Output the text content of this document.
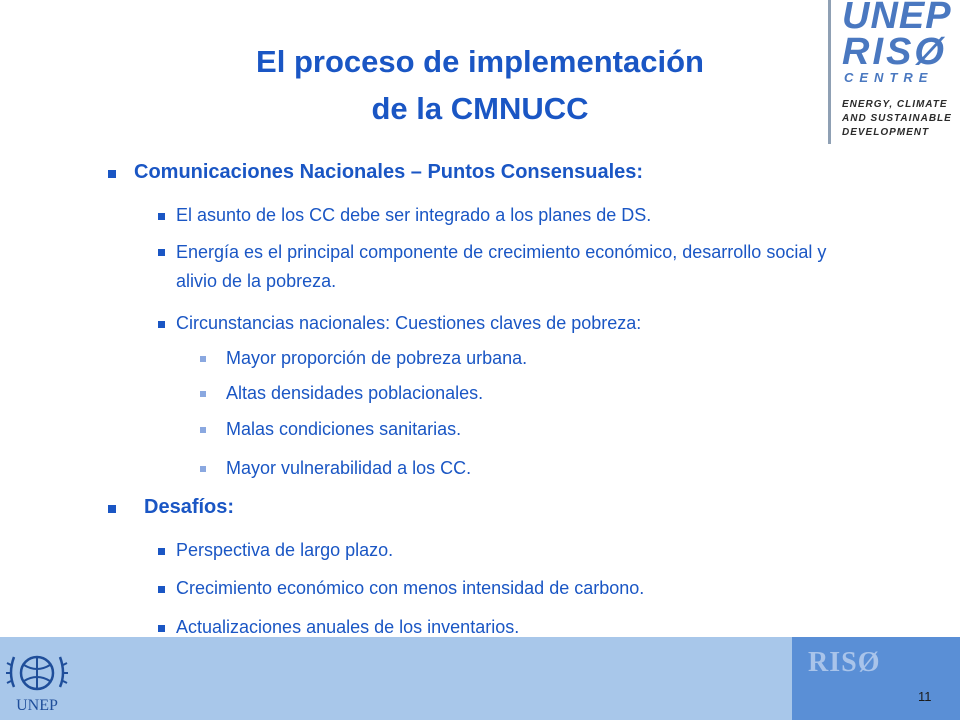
El proceso de implementación
de la CMNUCC
UNEP
RISØ
CENTRE
ENERGY, CLIMATE AND SUSTAINABLE DEVELOPMENT
Comunicaciones Nacionales – Puntos Consensuales:
El asunto de los CC debe ser integrado a los planes de DS.
Energía es el principal componente de crecimiento económico, desarrollo social y alivio de la pobreza.
Circunstancias nacionales: Cuestiones claves de pobreza:
Mayor proporción de pobreza urbana.
Altas densidades poblacionales.
Malas condiciones sanitarias.
Mayor vulnerabilidad a los CC.
Desafíos:
Perspectiva de largo plazo.
Crecimiento económico con menos intensidad de carbono.
Actualizaciones anuales de los inventarios.
UNEP
RISØ
11
